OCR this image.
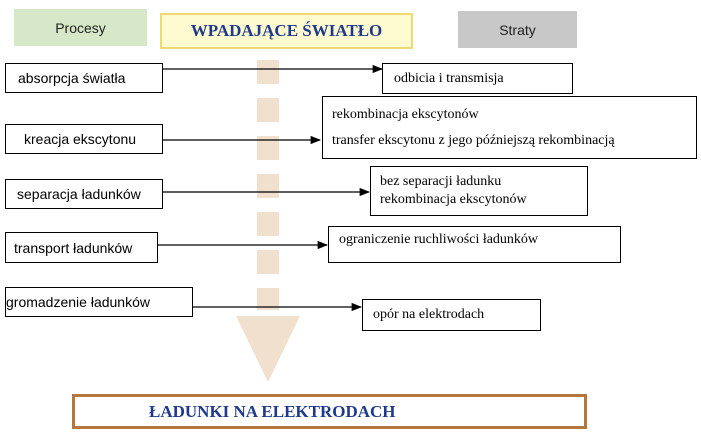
Procesy	WPADAJĄCE ŚWIATŁO	Straty
absorpcja światła
kreacja ekscytonu
separacja ładunków
transport ładunków
gromadzenie ładunków
odbicia i transmisja
rekombinacja ekscytonów
transfer ekscytonu z jego późniejszą rekombinacją
bez separacji ładunku
rekombinacja ekscytonów
ograniczenie ruchliwości ładunków
opór na elektrodach
ŁADUNKI NA ELEKTRODACH
